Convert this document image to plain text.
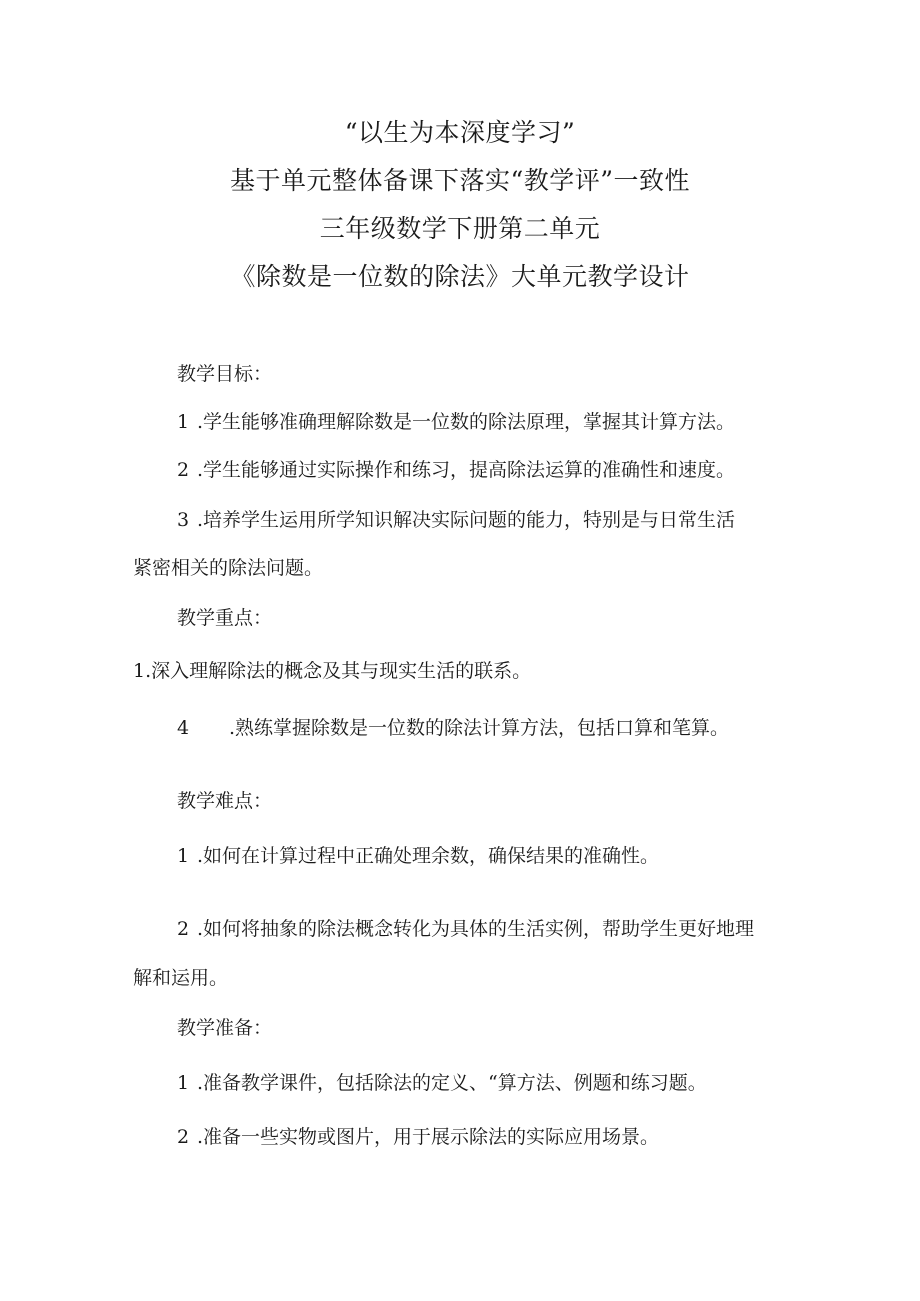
“以生为本深度学习”
基于单元整体备课下落实“教学评”一致性
三年级数学下册第二单元
《除数是一位数的除法》大单元教学设计
教学目标：
1 .学生能够准确理解除数是一位数的除法原理，掌握其计算方法。
2 .学生能够通过实际操作和练习，提高除法运算的准确性和速度。
3 .培养学生运用所学知识解决实际问题的能力，特别是与日常生活
紧密相关的除法问题。
教学重点：
1.深入理解除法的概念及其与现实生活的联系。
4 .熟练掌握除数是一位数的除法计算方法，包括口算和笔算。
教学难点：
1 .如何在计算过程中正确处理余数，确保结果的准确性。
2 .如何将抽象的除法概念转化为具体的生活实例，帮助学生更好地理
解和运用。
教学准备：
1 .准备教学课件，包括除法的定义、“算方法、例题和练习题。
2 .准备一些实物或图片，用于展示除法的实际应用场景。
